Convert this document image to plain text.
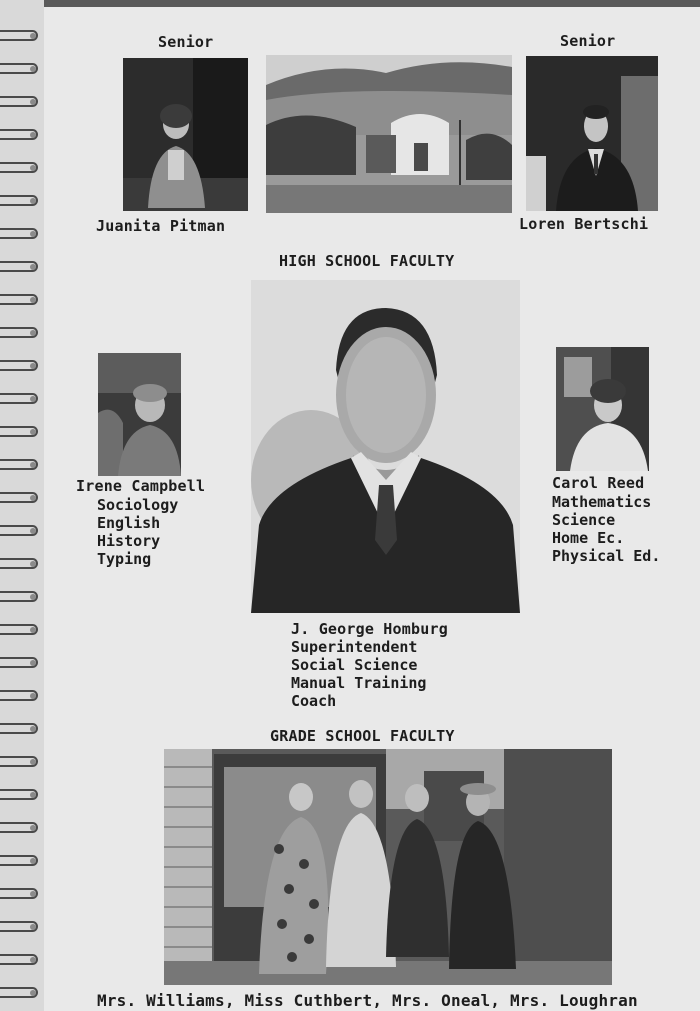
Senior	Senior
Juanita Pitman	Loren Bertschi
HIGH SCHOOL FACULTY
Irene Campbell
Sociology
English
History
Typing
Carol Reed
Mathematics
Science
Home Ec.
Physical Ed.
J. George Homburg
Superintendent
Social Science
Manual Training
Coach
GRADE SCHOOL FACULTY
Mrs. Williams, Miss Cuthbert, Mrs. Oneal, Mrs. Loughran
